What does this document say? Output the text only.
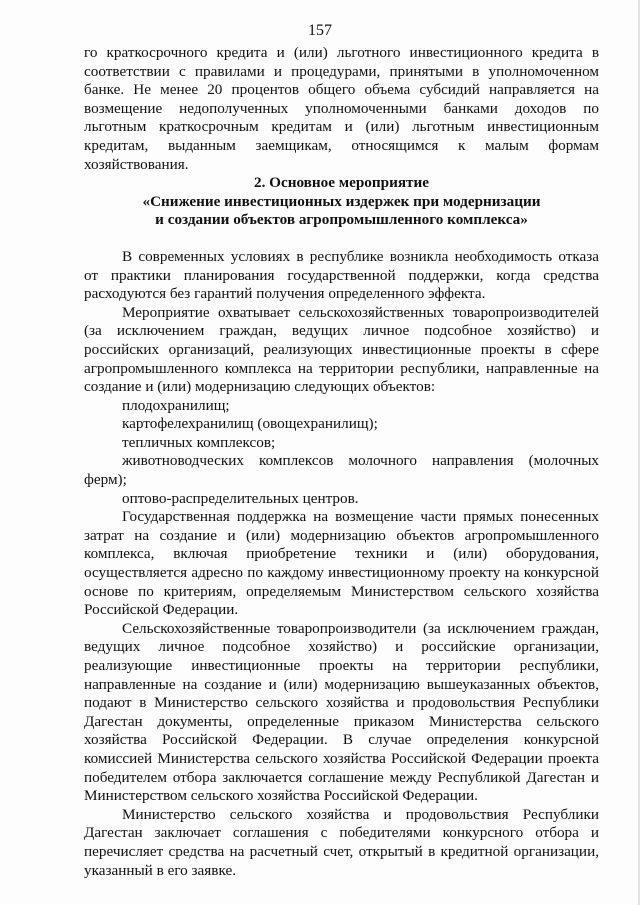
157

го краткосрочного кредита и (или) льготного инвестиционного кредита в соответствии с правилами и процедурами, принятыми в уполномоченном банке. Не менее 20 процентов общего объема субсидий направляется на возмещение недополученных уполномоченными банками доходов по льготным краткосрочным кредитам и (или) льготным инвестиционным кредитам, выданным заемщикам, относящимся к малым формам хозяйствования.

2. Основное мероприятие

«Снижение инвестиционных издержек при модернизации

и создании объектов агропромышленного комплекса»

В современных условиях в республике возникла необходимость отказа от практики планирования государственной поддержки, когда средства расходуются без гарантий получения определенного эффекта.

Мероприятие охватывает сельскохозяйственных товаропроизводителей (за исключением граждан, ведущих личное подсобное хозяйство) и российских организаций, реализующих инвестиционные проекты в сфере агропромышленного комплекса на территории республики, направленные на создание и (или) модернизацию следующих объектов:

плодохранилищ;

картофелехранилищ (овощехранилищ);

тепличных комплексов;

животноводческих комплексов молочного направления (молочных ферм);

оптово-распределительных центров.

Государственная поддержка на возмещение части прямых понесенных затрат на создание и (или) модернизацию объектов агропромышленного комплекса, включая приобретение техники и (или) оборудования, осуществляется адресно по каждому инвестиционному проекту на конкурсной основе по критериям, определяемым Министерством сельского хозяйства Российской Федерации.

Сельскохозяйственные товаропроизводители (за исключением граждан, ведущих личное подсобное хозяйство) и российские организации, реализующие инвестиционные проекты на территории республики, направленные на создание и (или) модернизацию вышеуказанных объектов, подают в Министерство сельского хозяйства и продовольствия Республики Дагестан документы, определенные приказом Министерства сельского хозяйства Российской Федерации. В случае определения конкурсной комиссией Министерства сельского хозяйства Российской Федерации проекта победителем отбора заключается соглашение между Республикой Дагестан и Министерством сельского хозяйства Российской Федерации.

Министерство сельского хозяйства и продовольствия Республики Дагестан заключает соглашения с победителями конкурсного отбора и перечисляет средства на расчетный счет, открытый в кредитной организации, указанный в его заявке.
